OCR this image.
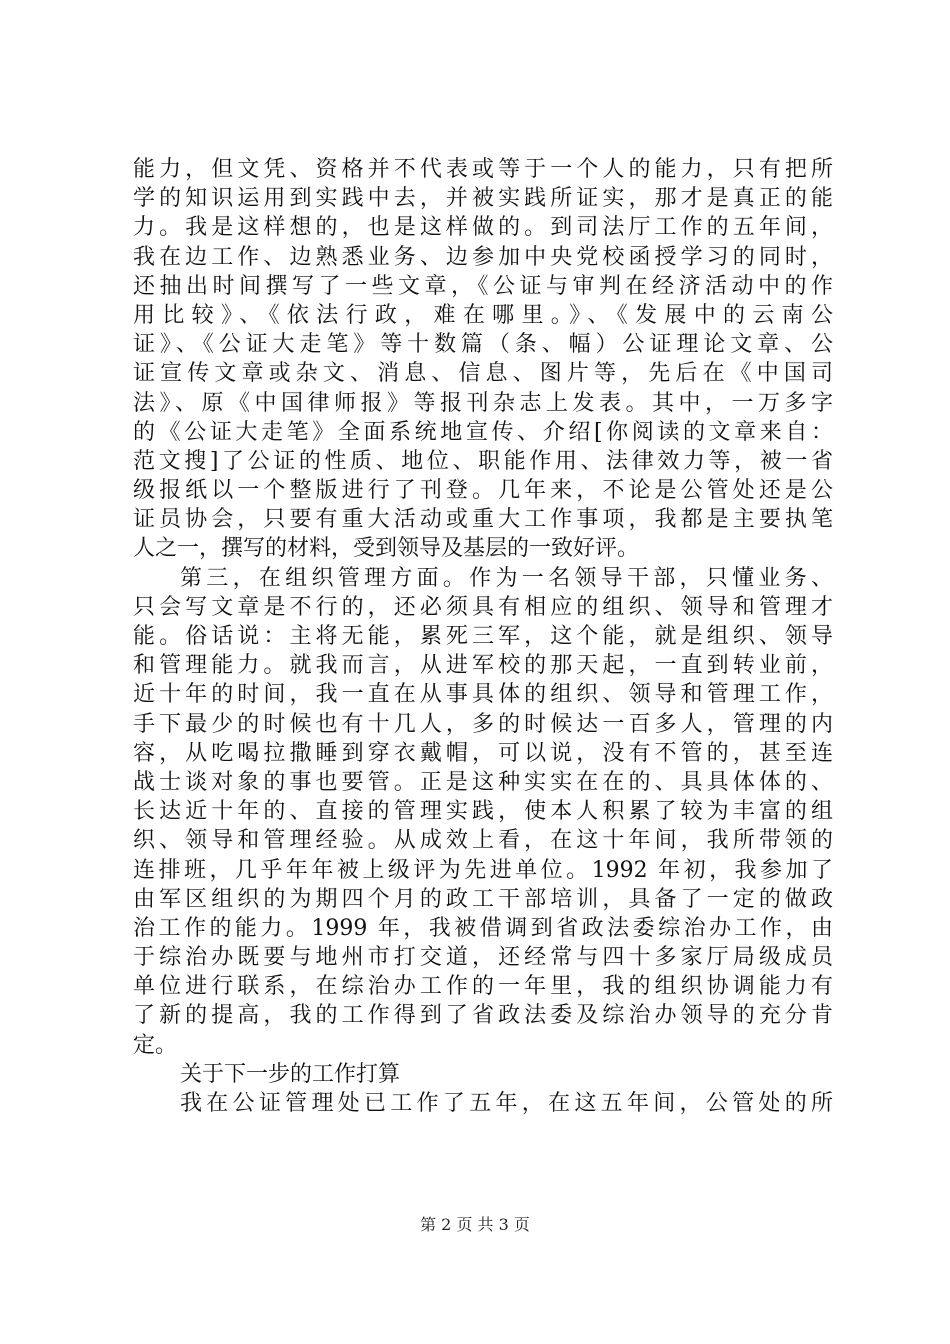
能力，但文凭、资格并不代表或等于一个人的能力，只有把所
学的知识运用到实践中去，并被实践所证实，那才是真正的能
力。我是这样想的，也是这样做的。到司法厅工作的五年间，
我在边工作、边熟悉业务、边参加中央党校函授学习的同时，
还抽出时间撰写了一些文章，《公证与审判在经济活动中的作
用比较》、《依法行政，难在哪里。》、《发展中的云南公
证》、《公证大走笔》等十数篇（条、幅）公证理论文章、公
证宣传文章或杂文、消息、信息、图片等，先后在《中国司
法》、原《中国律师报》等报刊杂志上发表。其中，一万多字
的《公证大走笔》全面系统地宣传、介绍[你阅读的文章来自：
范文搜]了公证的性质、地位、职能作用、法律效力等，被一省
级报纸以一个整版进行了刊登。几年来，不论是公管处还是公
证员协会，只要有重大活动或重大工作事项，我都是主要执笔
人之一，撰写的材料，受到领导及基层的一致好评。
第三，在组织管理方面。作为一名领导干部，只懂业务、
只会写文章是不行的，还必须具有相应的组织、领导和管理才
能。俗话说：主将无能，累死三军，这个能，就是组织、领导
和管理能力。就我而言，从进军校的那天起，一直到转业前，
近十年的时间，我一直在从事具体的组织、领导和管理工作，
手下最少的时候也有十几人，多的时候达一百多人，管理的内
容，从吃喝拉撒睡到穿衣戴帽，可以说，没有不管的，甚至连
战士谈对象的事也要管。正是这种实实在在的、具具体体的、
长达近十年的、直接的管理实践，使本人积累了较为丰富的组
织、领导和管理经验。从成效上看，在这十年间，我所带领的
连排班，几乎年年被上级评为先进单位。1992 年初，我参加了
由军区组织的为期四个月的政工干部培训，具备了一定的做政
治工作的能力。1999 年，我被借调到省政法委综治办工作，由
于综治办既要与地州市打交道，还经常与四十多家厅局级成员
单位进行联系，在综治办工作的一年里，我的组织协调能力有
了新的提高，我的工作得到了省政法委及综治办领导的充分肯
定。
关于下一步的工作打算
我在公证管理处已工作了五年，在这五年间，公管处的所
第 2 页 共 3 页
